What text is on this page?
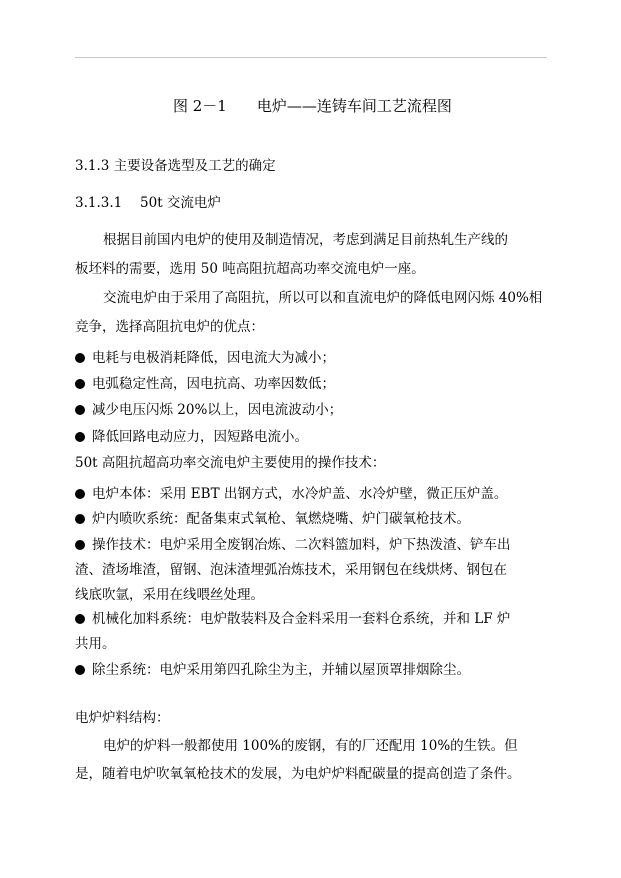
图 2－1　　电炉——连铸车间工艺流程图
3.1.3 主要设备选型及工艺的确定
3.1.3.1　 50t 交流电炉
根据目前国内电炉的使用及制造情况，考虑到满足目前热轧生产线的
板坯料的需要，选用 50 吨高阻抗超高功率交流电炉一座。
交流电炉由于采用了高阻抗，所以可以和直流电炉的降低电网闪烁 40%相
竞争，选择高阻抗电炉的优点：
电耗与电极消耗降低，因电流大为减小；
电弧稳定性高，因电抗高、功率因数低；
减少电压闪烁 20%以上，因电流波动小；
降低回路电动应力，因短路电流小。
50t 高阻抗超高功率交流电炉主要使用的操作技术：
电炉本体：采用 EBT 出钢方式，水冷炉盖、水冷炉壁，微正压炉盖。
炉内喷吹系统：配备集束式氧枪、氧燃烧嘴、炉门碳氧枪技术。
操作技术：电炉采用全废钢冶炼、二次料篮加料，炉下热泼渣、铲车出
渣、渣场堆渣，留钢、泡沫渣埋弧冶炼技术，采用钢包在线烘烤、钢包在
线底吹氩，采用在线喂丝处理。
机械化加料系统：电炉散装料及合金料采用一套料仓系统，并和 LF 炉
共用。
除尘系统：电炉采用第四孔除尘为主，并辅以屋顶罩排烟除尘。
电炉炉料结构：
电炉的炉料一般都使用 100%的废钢，有的厂还配用 10%的生铁。但
是，随着电炉吹氧氧枪技术的发展，为电炉炉料配碳量的提高创造了条件。
